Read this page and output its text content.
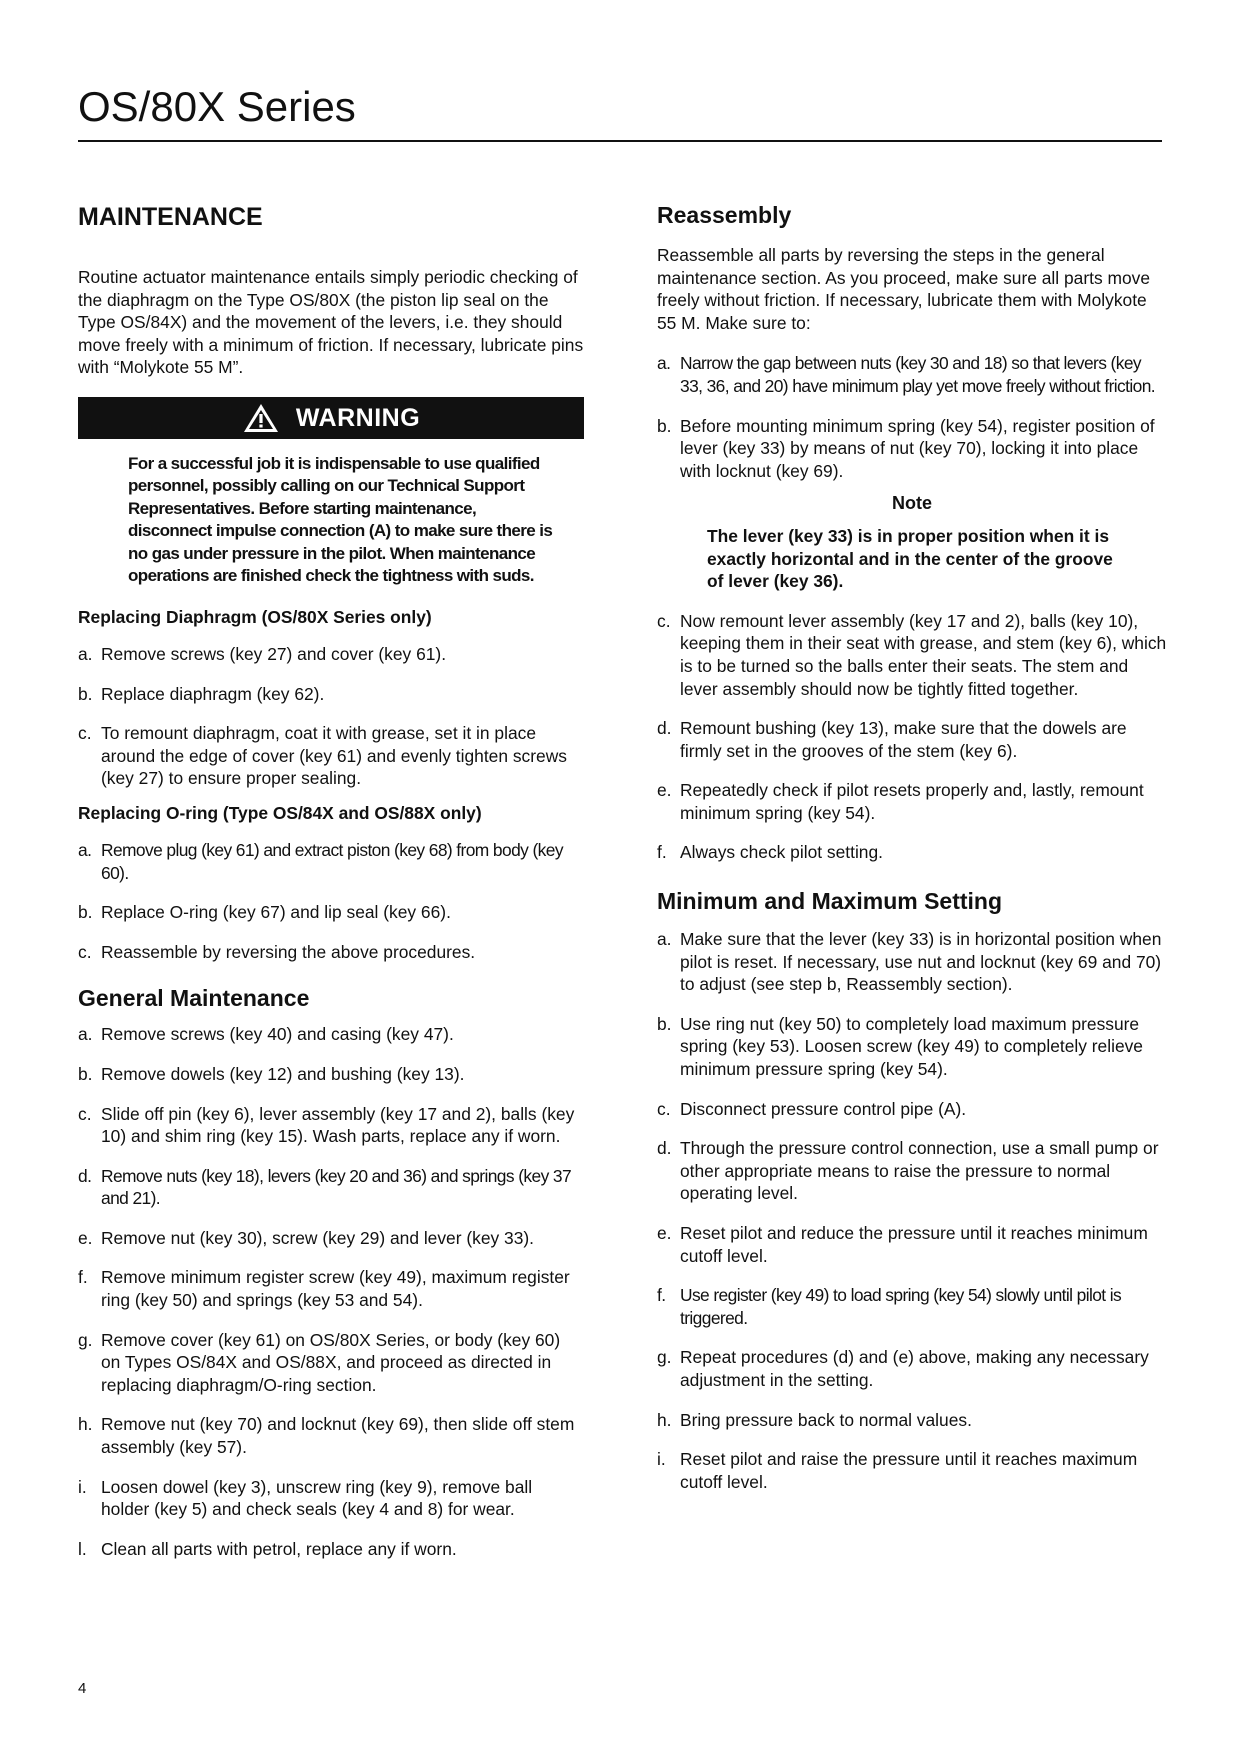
OS/80X Series
MAINTENANCE

Routine actuator maintenance entails simply periodic checking of the diaphragm on the Type OS/80X (the piston lip seal on the Type OS/84X) and the movement of the levers, i.e. they should move freely with a minimum of friction. If necessary, lubricate pins with “Molykote 55 M”.

WARNING

For a successful job it is indispensable to use qualified personnel, possibly calling on our Technical Support Representatives. Before starting maintenance, disconnect impulse connection (A) to make sure there is no gas under pressure in the pilot. When maintenance operations are finished check the tightness with suds.

Replacing Diaphragm (OS/80X Series only)
a. Remove screws (key 27) and cover (key 61).
b. Replace diaphragm (key 62).
c. To remount diaphragm, coat it with grease, set it in place around the edge of cover (key 61) and evenly tighten screws (key 27) to ensure proper sealing.
Replacing O-ring (Type OS/84X and OS/88X only)
a. Remove plug (key 61) and extract piston (key 68) from body (key 60).
b. Replace O-ring (key 67) and lip seal (key 66).
c. Reassemble by reversing the above procedures.
General Maintenance
a. Remove screws (key 40) and casing (key 47).
b. Remove dowels (key 12) and bushing (key 13).
c. Slide off pin (key 6), lever assembly (key 17 and 2), balls (key 10) and shim ring (key 15). Wash parts, replace any if worn.
d. Remove nuts (key 18), levers (key 20 and 36) and springs (key 37 and 21).
e. Remove nut (key 30), screw (key 29) and lever (key 33).
f. Remove minimum register screw (key 49), maximum register ring (key 50) and springs (key 53 and 54).
g. Remove cover (key 61) on OS/80X Series, or body (key 60) on Types OS/84X and OS/88X, and proceed as directed in replacing diaphragm/O-ring section.
h. Remove nut (key 70) and locknut (key 69), then slide off stem assembly (key 57).
i. Loosen dowel (key 3), unscrew ring (key 9), remove ball holder (key 5) and check seals (key 4 and 8) for wear.
l. Clean all parts with petrol, replace any if worn.
Reassembly

Reassemble all parts by reversing the steps in the general maintenance section. As you proceed, make sure all parts move freely without friction. If necessary, lubricate them with Molykote 55 M. Make sure to:

a. Narrow the gap between nuts (key 30 and 18) so that levers (key 33, 36, and 20) have minimum play yet move freely without friction.
b. Before mounting minimum spring (key 54), register position of lever (key 33) by means of nut (key 70), locking it into place with locknut (key 69).
Note

The lever (key 33) is in proper position when it is exactly horizontal and in the center of the groove of lever (key 36).

c. Now remount lever assembly (key 17 and 2), balls (key 10), keeping them in their seat with grease, and stem (key 6), which is to be turned so the balls enter their seats. The stem and lever assembly should now be tightly fitted together.
d. Remount bushing (key 13), make sure that the dowels are firmly set in the grooves of the stem (key 6).
e. Repeatedly check if pilot resets properly and, lastly, remount minimum spring (key 54).
f. Always check pilot setting.
Minimum and Maximum Setting
a. Make sure that the lever (key 33) is in horizontal position when pilot is reset. If necessary, use nut and locknut (key 69 and 70) to adjust (see step b, Reassembly section).
b. Use ring nut (key 50) to completely load maximum pressure spring (key 53). Loosen screw (key 49) to completely relieve minimum pressure spring (key 54).
c. Disconnect pressure control pipe (A).
d. Through the pressure control connection, use a small pump or other appropriate means to raise the pressure to normal operating level.
e. Reset pilot and reduce the pressure until it reaches minimum cutoff level.
f. Use register (key 49) to load spring (key 54) slowly until pilot is triggered.
g. Repeat procedures (d) and (e) above, making any necessary adjustment in the setting.
h. Bring pressure back to normal values.
i. Reset pilot and raise the pressure until it reaches maximum cutoff level.
4
